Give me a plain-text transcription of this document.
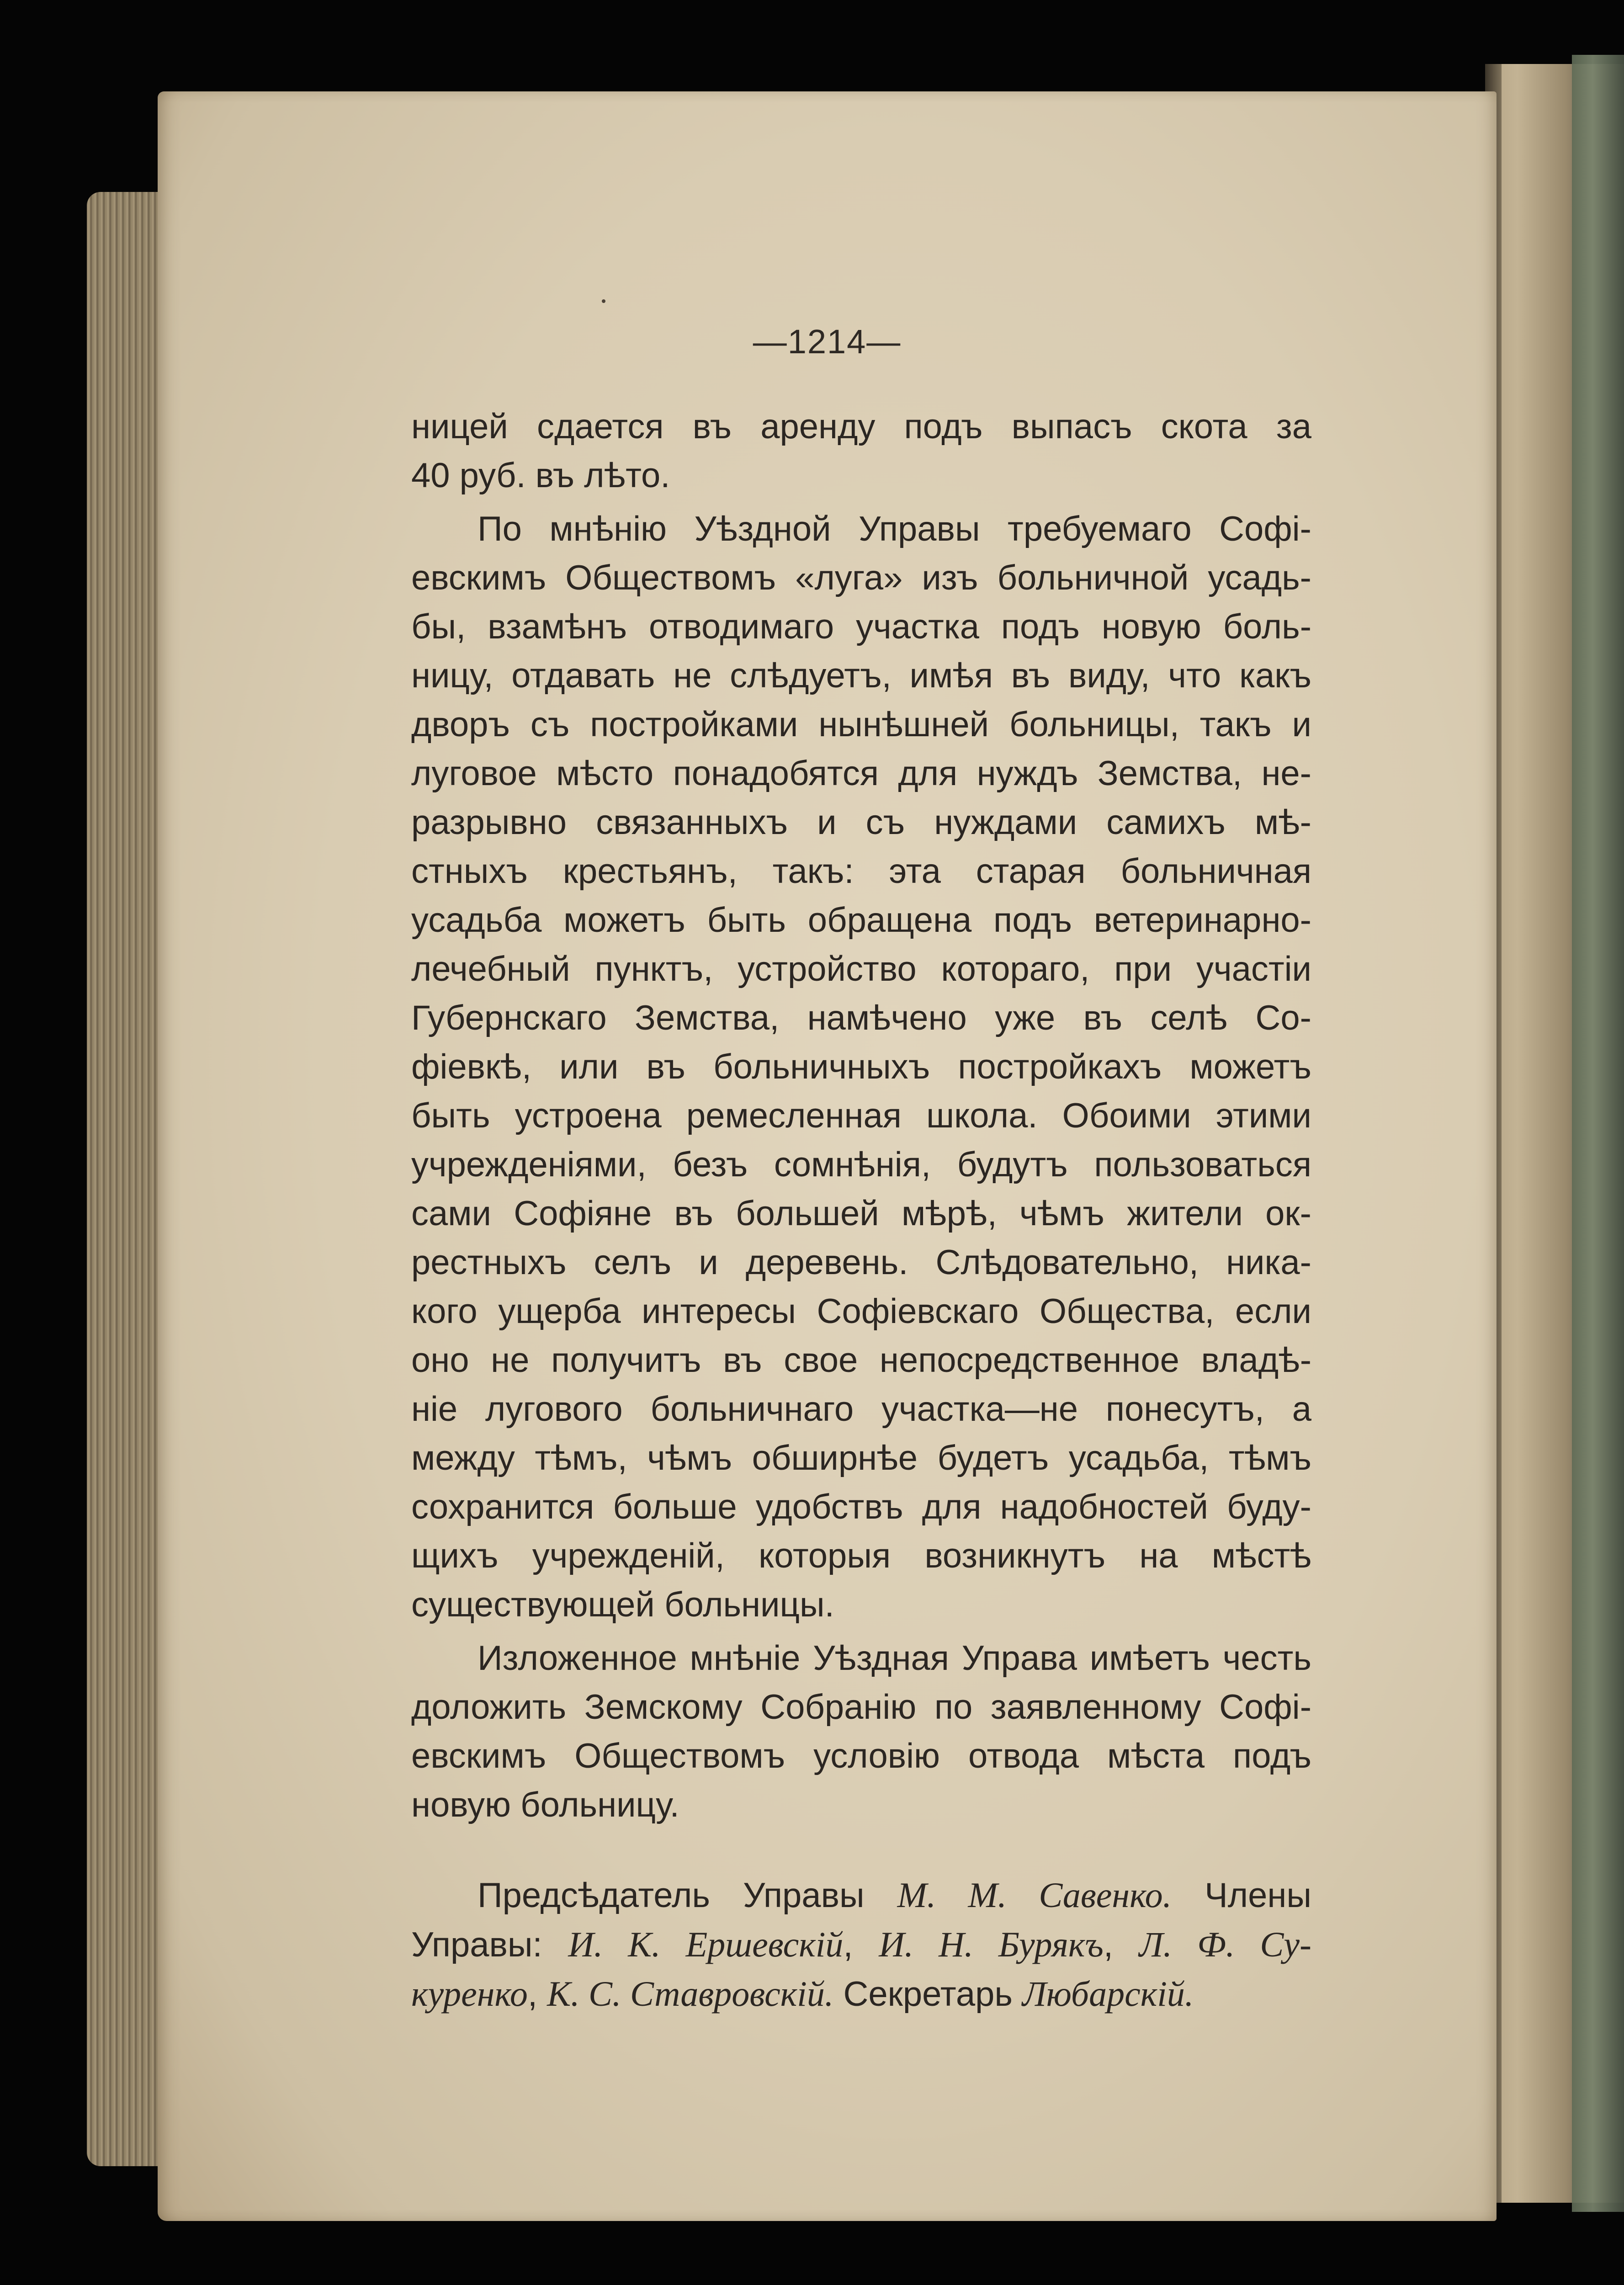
—1214—

ницей сдается въ аренду подъ выпасъ скота за
40 руб. въ лѣто.

По мнѣнію Уѣздной Управы требуемаго Софі-
евскимъ Обществомъ «луга» изъ больничной усадь-
бы, взамѣнъ отводимаго участка подъ новую боль-
ницу, отдавать не слѣдуетъ, имѣя въ виду, что какъ
дворъ съ постройками нынѣшней больницы, такъ и
луговое мѣсто понадобятся для нуждъ Земства, не-
разрывно связанныхъ и съ нуждами самихъ мѣ-
стныхъ крестьянъ, такъ: эта старая больничная
усадьба можетъ быть обращена подъ ветеринарно-
лечебный пунктъ, устройство котораго, при участіи
Губернскаго Земства, намѣчено уже въ селѣ Со-
фіевкѣ, или въ больничныхъ постройкахъ можетъ
быть устроена ремесленная школа. Обоими этими
учрежденіями, безъ сомнѣнія, будутъ пользоваться
сами Софіяне въ большей мѣрѣ, чѣмъ жители ок-
рестныхъ селъ и деревень. Слѣдовательно, ника-
кого ущерба интересы Софіевскаго Общества, если
оно не получитъ въ свое непосредственное владѣ-
ніе лугового больничнаго участка—не понесутъ, а
между тѣмъ, чѣмъ обширнѣе будетъ усадьба, тѣмъ
сохранится больше удобствъ для надобностей буду-
щихъ учрежденій, которыя возникнутъ на мѣстѣ
существующей больницы.

Изложенное мнѣніе Уѣздная Управа имѣетъ честь
доложить Земскому Собранію по заявленному Софі-
евскимъ Обществомъ условію отвода мѣста подъ
новую больницу.

Предсѣдатель Управы М. М. Савенко. Члены
Управы: И. К. Ершевскій, И. Н. Бурякъ, Л. Ф. Су-
куренко, К. С. Ставровскій. Секретарь Любарскій.
